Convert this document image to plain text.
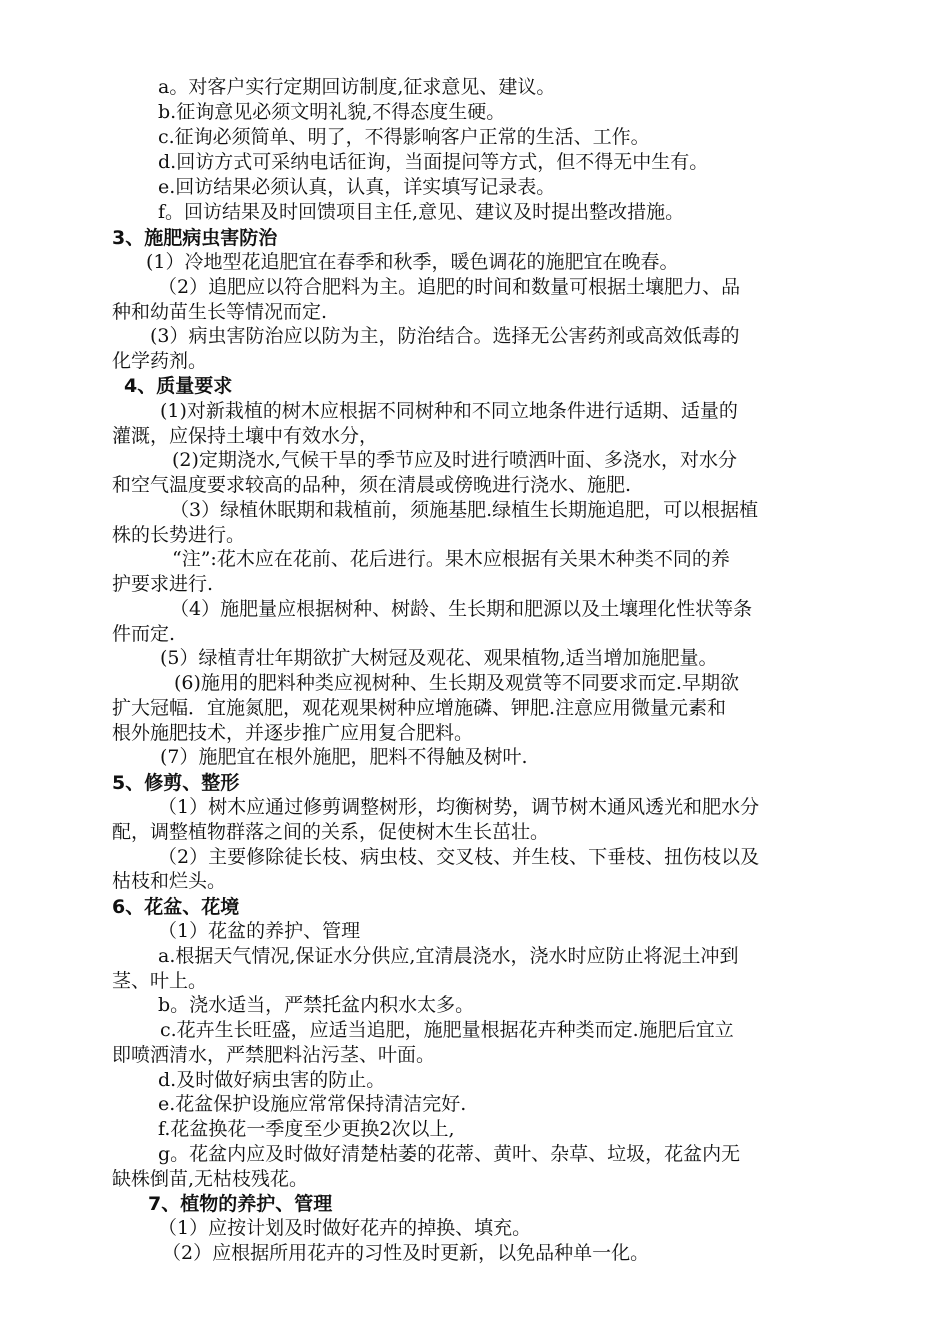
a。对客户实行定期回访制度,征求意见、建议。
b.征询意见必须文明礼貌,不得态度生硬。
c.征询必须简单、明了，不得影响客户正常的生活、工作。
d.回访方式可采纳电话征询，当面提问等方式，但不得无中生有。
e.回访结果必须认真，认真，详实填写记录表。
f。回访结果及时回馈项目主任,意见、建议及时提出整改措施。
3、施肥病虫害防治
(1）冷地型花追肥宜在春季和秋季，暖色调花的施肥宜在晚春。
（2）追肥应以符合肥料为主。追肥的时间和数量可根据土壤肥力、品
种和幼苗生长等情况而定.
(3）病虫害防治应以防为主，防治结合。选择无公害药剂或高效低毒的
化学药剂。
4、质量要求
(1)对新栽植的树木应根据不同树种和不同立地条件进行适期、适量的
灌溉，应保持土壤中有效水分，
(2)定期浇水,气候干旱的季节应及时进行喷洒叶面、多浇水，对水分
和空气温度要求较高的品种，须在清晨或傍晚进行浇水、施肥.
（3）绿植休眠期和栽植前，须施基肥.绿植生长期施追肥，可以根据植
株的长势进行。
“注”:花木应在花前、花后进行。果木应根据有关果木种类不同的养
护要求进行.
（4）施肥量应根据树种、树龄、生长期和肥源以及土壤理化性状等条
件而定.
(5）绿植青壮年期欲扩大树冠及观花、观果植物,适当增加施肥量。
(6)施用的肥料种类应视树种、生长期及观赏等不同要求而定.早期欲
扩大冠幅．宜施氮肥，观花观果树种应增施磷、钾肥.注意应用微量元素和
根外施肥技术，并逐步推广应用复合肥料。
(7）施肥宜在根外施肥，肥料不得触及树叶.
5、修剪、整形
（1）树木应通过修剪调整树形，均衡树势，调节树木通风透光和肥水分
配，调整植物群落之间的关系，促使树木生长茁壮。
（2）主要修除徒长枝、病虫枝、交叉枝、并生枝、下垂枝、扭伤枝以及
枯枝和烂头。
6、花盆、花境
（1）花盆的养护、管理
a.根据天气情况,保证水分供应,宜清晨浇水，浇水时应防止将泥土冲到
茎、叶上。
b。浇水适当，严禁托盆内积水太多。
c.花卉生长旺盛，应适当追肥，施肥量根据花卉种类而定.施肥后宜立
即喷洒清水，严禁肥料沾污茎、叶面。
d.及时做好病虫害的防止。
e.花盆保护设施应常常保持清洁完好.
f.花盆换花一季度至少更换2次以上,
g。花盆内应及时做好清楚枯萎的花蒂、黄叶、杂草、垃圾，花盆内无
缺株倒苗,无枯枝残花。
7、植物的养护、管理
（1）应按计划及时做好花卉的掉换、填充。
（2）应根据所用花卉的习性及时更新，以免品种单一化。
